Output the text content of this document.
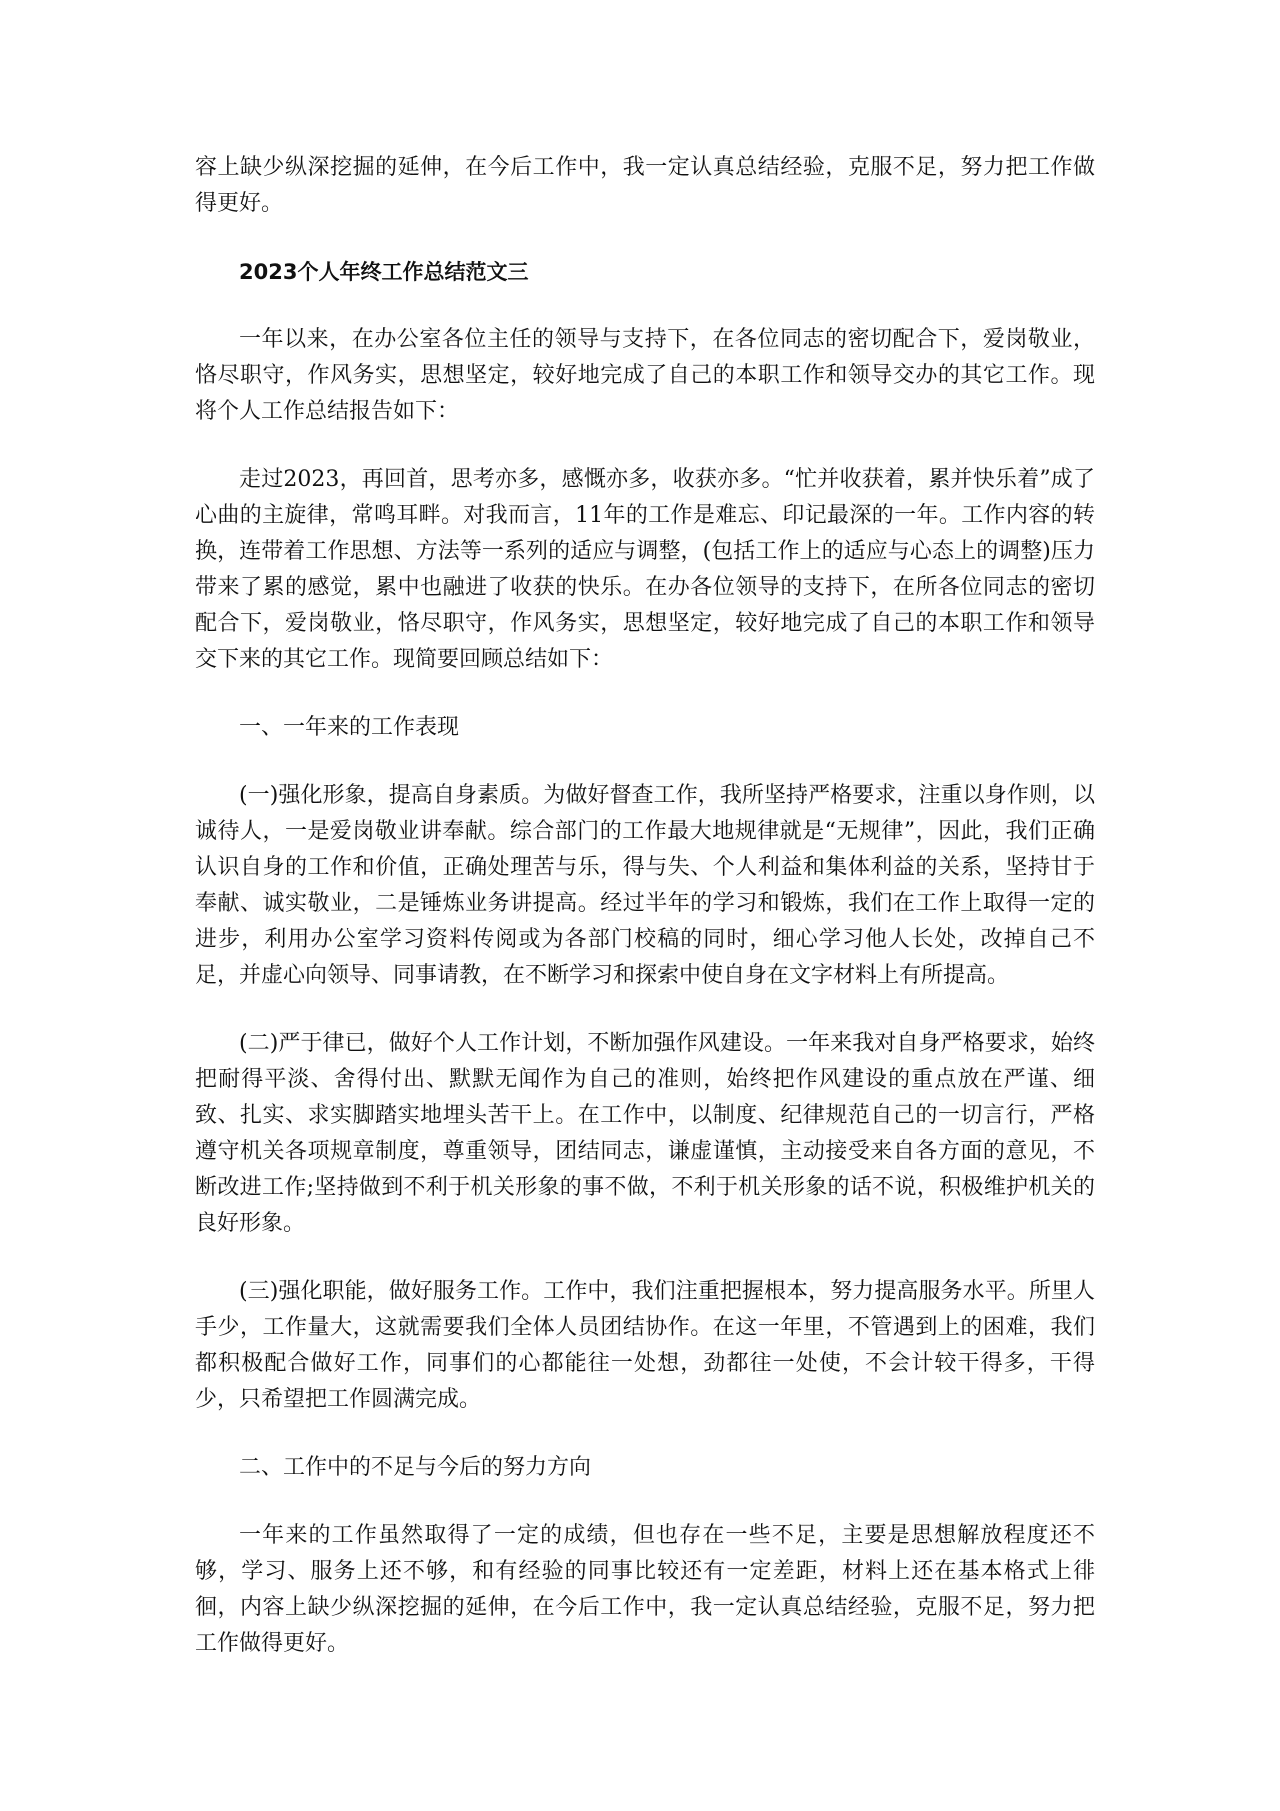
容上缺少纵深挖掘的延伸，在今后工作中，我一定认真总结经验，克服不足，努力把工作做得更好。

2023个人年终工作总结范文三

一年以来，在办公室各位主任的领导与支持下，在各位同志的密切配合下，爱岗敬业，恪尽职守，作风务实，思想坚定，较好地完成了自己的本职工作和领导交办的其它工作。现将个人工作总结报告如下：

走过2023，再回首，思考亦多，感慨亦多，收获亦多。“忙并收获着，累并快乐着”成了心曲的主旋律，常鸣耳畔。对我而言，11年的工作是难忘、印记最深的一年。工作内容的转换，连带着工作思想、方法等一系列的适应与调整，(包括工作上的适应与心态上的调整)压力带来了累的感觉，累中也融进了收获的快乐。在办各位领导的支持下，在所各位同志的密切配合下，爱岗敬业，恪尽职守，作风务实，思想坚定，较好地完成了自己的本职工作和领导交下来的其它工作。现简要回顾总结如下：

一、一年来的工作表现

(一)强化形象，提高自身素质。为做好督查工作，我所坚持严格要求，注重以身作则，以诚待人，一是爱岗敬业讲奉献。综合部门的工作最大地规律就是“无规律”，因此，我们正确认识自身的工作和价值，正确处理苦与乐，得与失、个人利益和集体利益的关系，坚持甘于奉献、诚实敬业，二是锤炼业务讲提高。经过半年的学习和锻炼，我们在工作上取得一定的进步，利用办公室学习资料传阅或为各部门校稿的同时，细心学习他人长处，改掉自己不足，并虚心向领导、同事请教，在不断学习和探索中使自身在文字材料上有所提高。

(二)严于律已，做好个人工作计划，不断加强作风建设。一年来我对自身严格要求，始终把耐得平淡、舍得付出、默默无闻作为自己的准则，始终把作风建设的重点放在严谨、细致、扎实、求实脚踏实地埋头苦干上。在工作中，以制度、纪律规范自己的一切言行，严格遵守机关各项规章制度，尊重领导，团结同志，谦虚谨慎，主动接受来自各方面的意见，不断改进工作;坚持做到不利于机关形象的事不做，不利于机关形象的话不说，积极维护机关的良好形象。

(三)强化职能，做好服务工作。工作中，我们注重把握根本，努力提高服务水平。所里人手少，工作量大，这就需要我们全体人员团结协作。在这一年里，不管遇到上的困难，我们都积极配合做好工作，同事们的心都能往一处想，劲都往一处使，不会计较干得多，干得少，只希望把工作圆满完成。

二、工作中的不足与今后的努力方向

一年来的工作虽然取得了一定的成绩，但也存在一些不足，主要是思想解放程度还不够，学习、服务上还不够，和有经验的同事比较还有一定差距，材料上还在基本格式上徘徊，内容上缺少纵深挖掘的延伸，在今后工作中，我一定认真总结经验，克服不足，努力把工作做得更好。
